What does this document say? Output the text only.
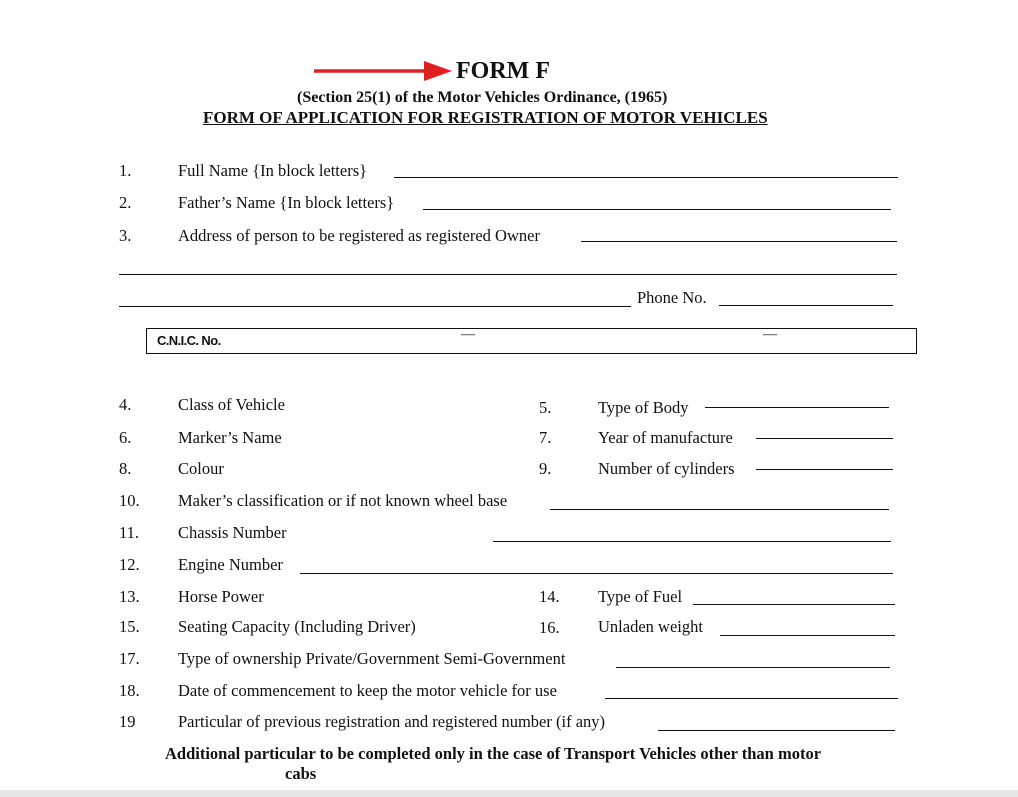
FORM F
(Section 25(1) of the Motor Vehicles Ordinance, (1965)
FORM OF APPLICATION FOR REGISTRATION OF MOTOR VEHICLES
1.	Full Name {In block letters}
2.	Father’s Name {In block letters}
3.	Address of person to be registered as registered Owner
Phone No.
C.N.I.C. No.	—	—
4.	Class of Vehicle	5.	Type of Body
6.	Marker’s Name	7.	Year of manufacture
8.	Colour	9.	Number of cylinders
10. Maker’s classification or if not known wheel base
11. Chassis Number
12. Engine Number
13. Horse Power	14. Type of Fuel
15. Seating Capacity (Including Driver)	16. Unladen weight
17. Type of ownership Private/Government Semi-Government
18. Date of commencement to keep the motor vehicle for use
19	Particular of previous registration and registered number (if any)
Additional particular to be completed only in the case of Transport Vehicles other than motor
cabs
